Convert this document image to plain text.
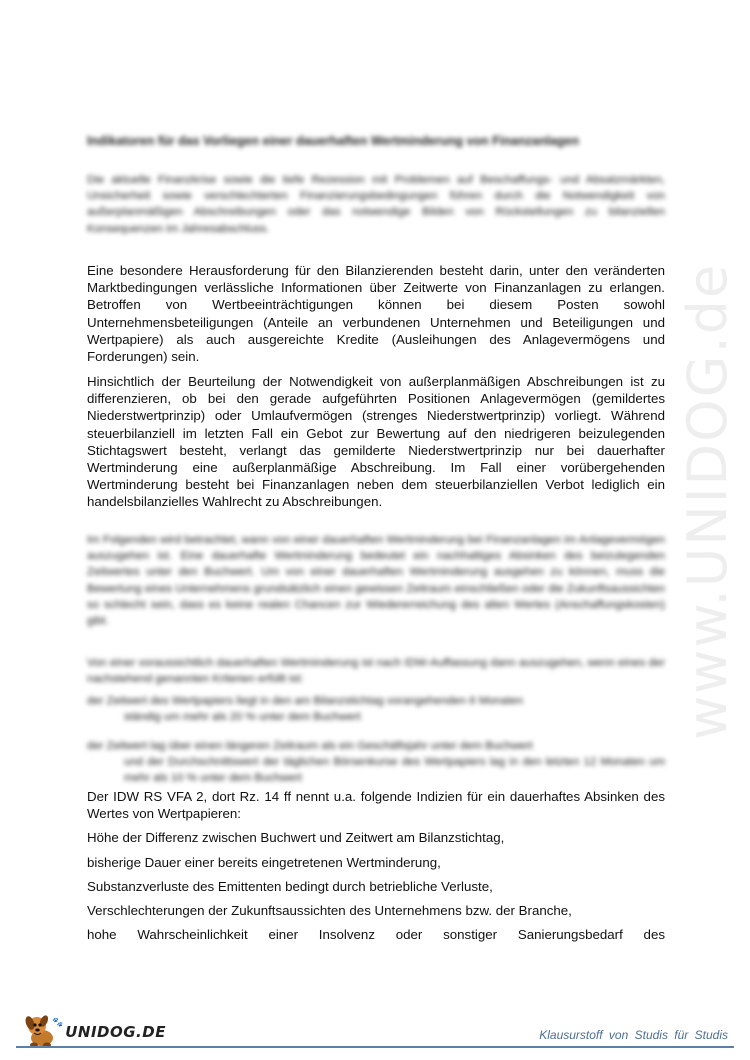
www.UNIDOG.de
Indikatoren für das Vorliegen einer dauerhaften Wertminderung von Finanzanlagen
Die aktuelle Finanzkrise sowie die tiefe Rezession mit Problemen auf Beschaffungs- und Absatzmärkten, Unsicherheit sowie verschlechterten Finanzierungsbedingungen führen durch die Notwendigkeit von außerplanmäßigen Abschreibungen oder das notwendige Bilden von Rückstellungen zu bilanziellen Konsequenzen im Jahresabschluss.
Eine besondere Herausforderung für den Bilanzierenden besteht darin, unter den veränderten Marktbedingungen verlässliche Informationen über Zeitwerte von Finanzanlagen zu erlangen. Betroffen von Wertbeeinträchtigungen können bei diesem Posten sowohl Unternehmensbeteiligungen (Anteile an verbundenen Unternehmen und Beteiligungen und Wertpapiere) als auch ausgereichte Kredite (Ausleihungen des Anlagevermögens und Forderungen) sein.
Hinsichtlich der Beurteilung der Notwendigkeit von außerplanmäßigen Abschreibungen ist zu differenzieren, ob bei den gerade aufgeführten Positionen Anlagevermögen (gemildertes Niederstwertprinzip) oder Umlaufvermögen (strenges Niederstwertprinzip) vorliegt. Während steuerbilanziell im letzten Fall ein Gebot zur Bewertung auf den niedrigeren beizulegenden Stichtagswert besteht, verlangt das gemilderte Niederstwertprinzip nur bei dauerhafter Wertminderung eine außerplanmäßige Abschreibung. Im Fall einer vorübergehenden Wertminderung besteht bei Finanzanlagen neben dem steuerbilanziellen Verbot lediglich ein handelsbilanzielles Wahlrecht zu Abschreibungen.
Im Folgenden wird betrachtet, wann von einer dauerhaften Wertminderung bei Finanzanlagen im Anlagevermögen auszugehen ist. Eine dauerhafte Wertminderung bedeutet ein nachhaltiges Absinken des beizulegenden Zeitwertes unter den Buchwert. Um von einer dauerhaften Wertminderung ausgehen zu können, muss die Bewertung eines Unternehmens grundsätzlich einen gewissen Zeitraum einschließen oder die Zukunftsaussichten so schlecht sein, dass es keine realen Chancen zur Wiedererreichung des alten Wertes (Anschaffungskosten) gibt.
Von einer voraussichtlich dauerhaften Wertminderung ist nach IDW-Auffassung dann auszugehen, wenn eines der nachstehend genannten Kriterien erfüllt ist:
der Zeitwert des Wertpapiers liegt in den am Bilanzstichtag vorangehenden 6 Monaten
ständig um mehr als 20 % unter dem Buchwert
der Zeitwert lag über einen längeren Zeitraum als ein Geschäftsjahr unter dem Buchwert
und der Durchschnittswert der täglichen Börsenkurse des Wertpapiers lag in den letzten 12 Monaten um mehr als 10 % unter dem Buchwert
Der IDW RS VFA 2, dort Rz. 14 ff nennt u.a. folgende Indizien für ein dauerhaftes Absinken des Wertes von Wertpapieren:
Höhe der Differenz zwischen Buchwert und Zeitwert am Bilanzstichtag,
bisherige Dauer einer bereits eingetretenen Wertminderung,
Substanzverluste des Emittenten bedingt durch betriebliche Verluste,
Verschlechterungen der Zukunftsaussichten des Unternehmens bzw. der Branche,
hohe Wahrscheinlichkeit einer Insolvenz oder sonstiger Sanierungsbedarf des
🐾
UNIDOG.DE	Klausurstoff von Studis für Studis
